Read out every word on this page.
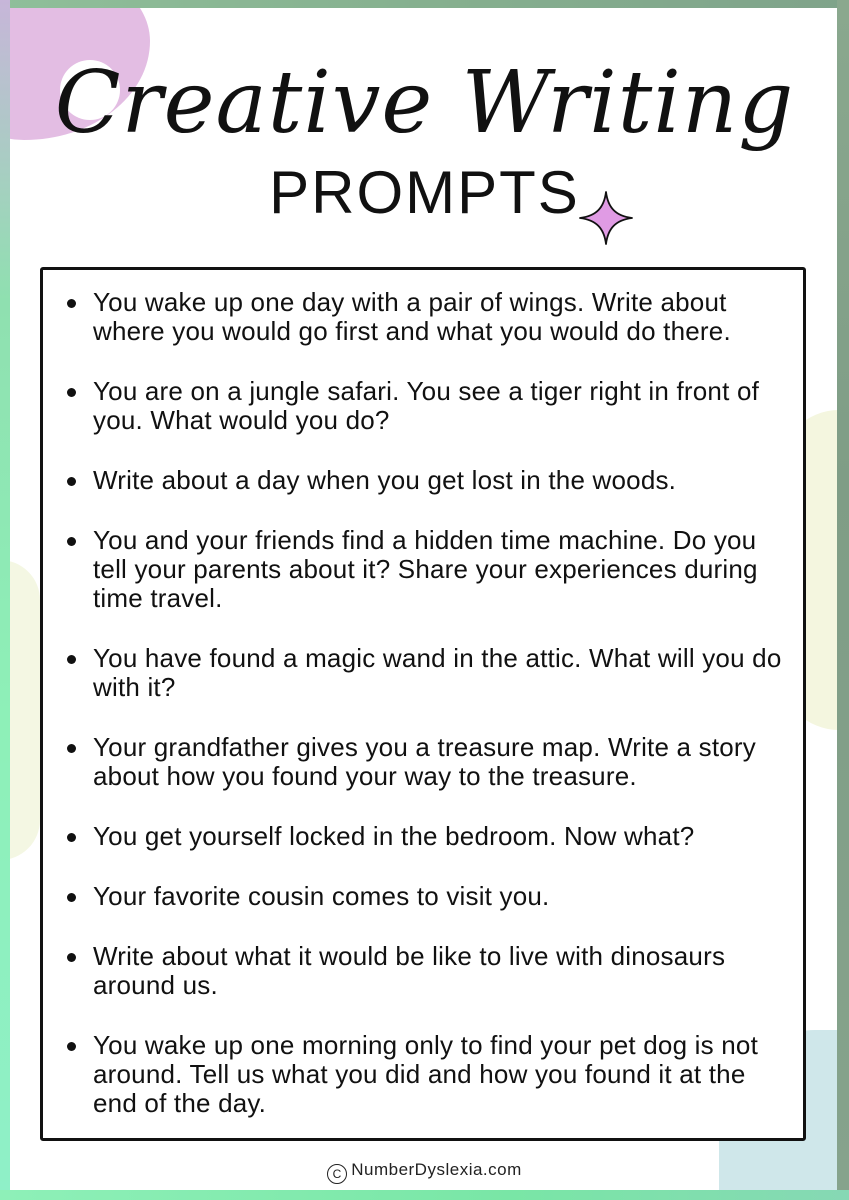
Creative Writing
PROMPTS
You wake up one day with a pair of wings. Write about where you would go first and what you would do there.
You are on a jungle safari. You see a tiger right in front of you. What would you do?
Write about a day when you get lost in the woods.
You and your friends find a hidden time machine. Do you tell your parents about it? Share your experiences during time travel.
You have found a magic wand in the attic. What will you do with it?
Your grandfather gives you a treasure map. Write a story about how you found your way to the treasure.
You get yourself locked in the bedroom. Now what?
Your favorite cousin comes to visit you.
Write about what it would be like to live with dinosaurs around us.
You wake up one morning only to find your pet dog is not around. Tell us what you did and how you found it at the end of the day.
C NumberDyslexia.com
